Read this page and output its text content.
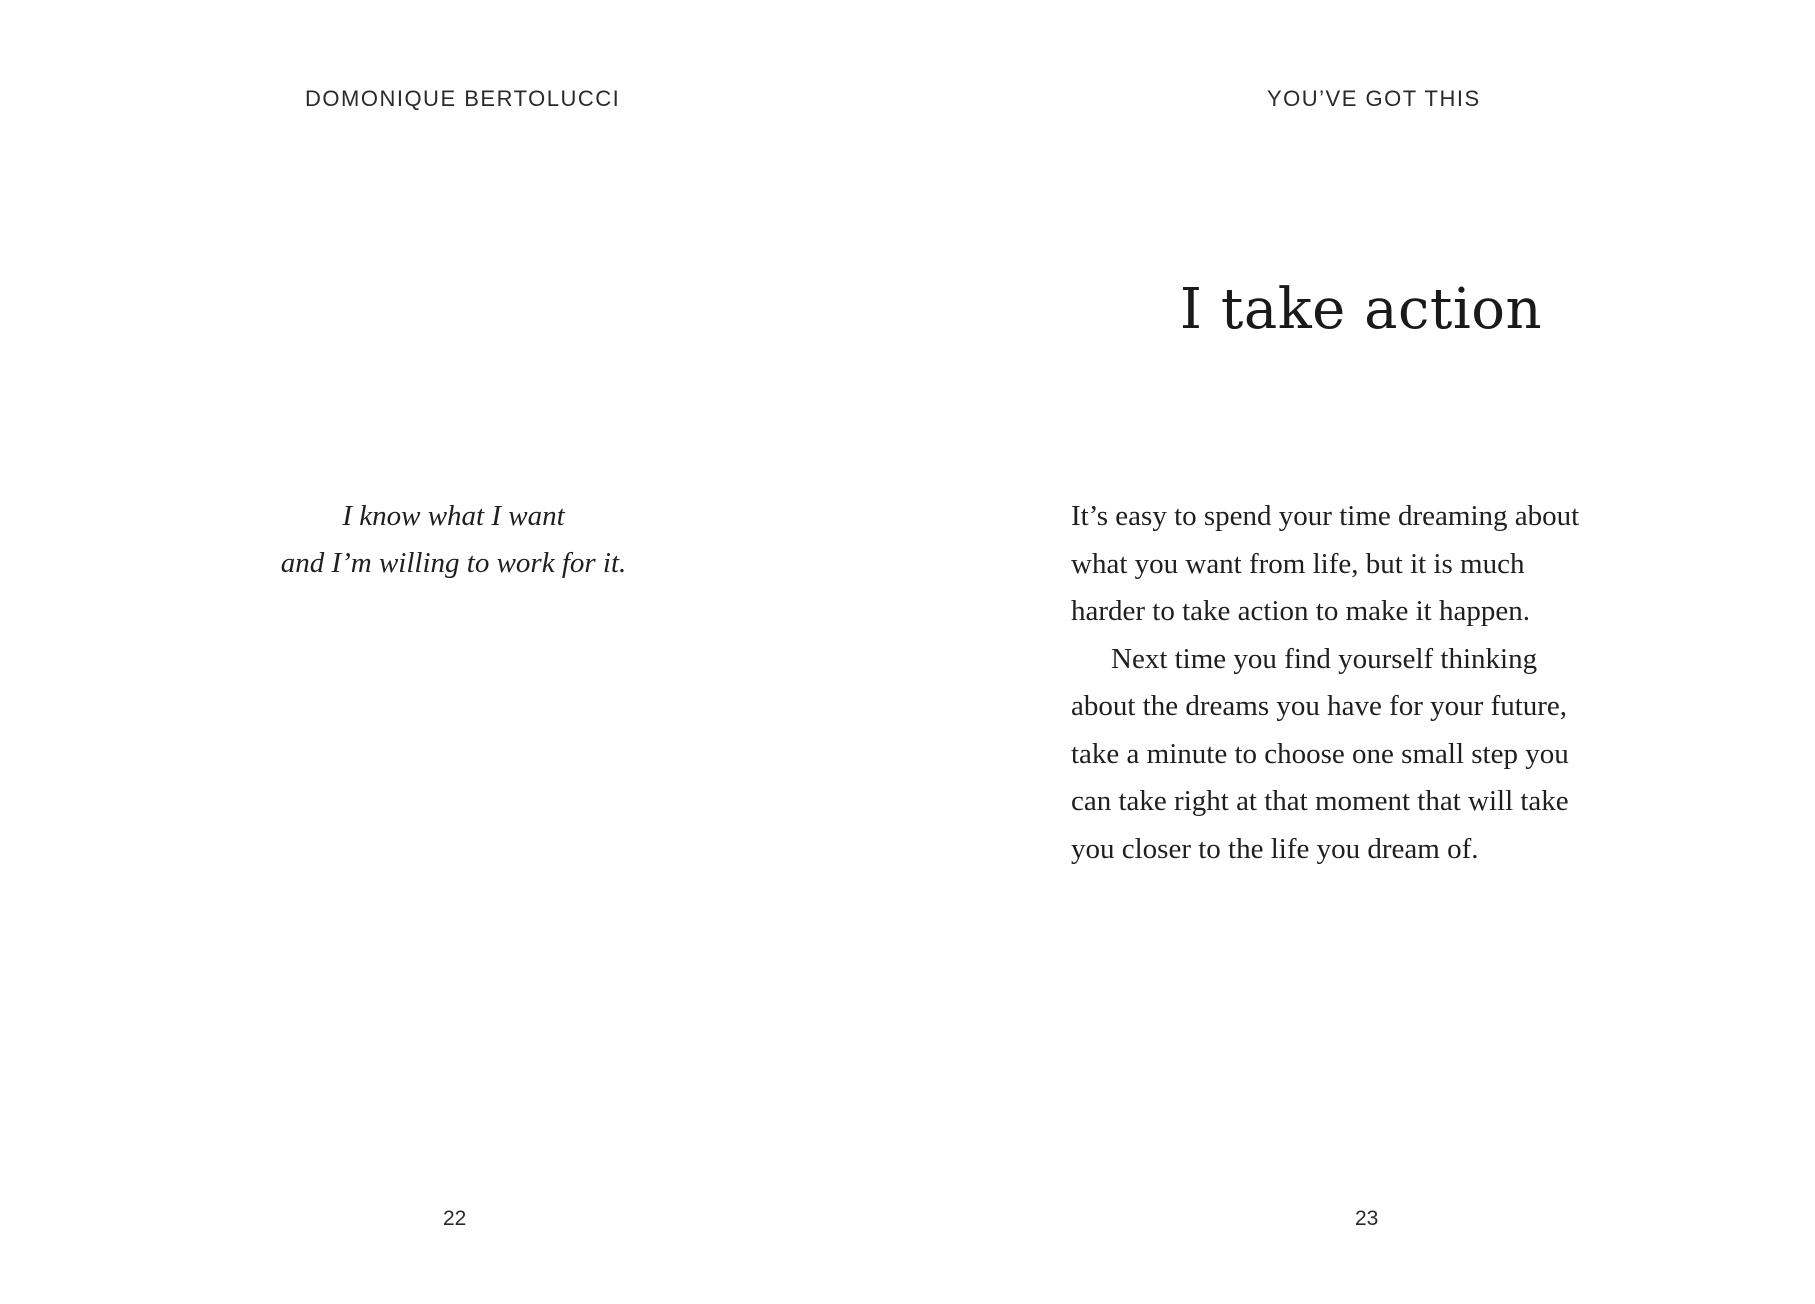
DOMONIQUE BERTOLUCCI
I know what I want
and I’m willing to work for it.
22
YOU’VE GOT THIS
I take action
It’s easy to spend your time dreaming about
what you want from life, but it is much
harder to take action to make it happen.
Next time you find yourself thinking
about the dreams you have for your future,
take a minute to choose one small step you
can take right at that moment that will take
you closer to the life you dream of.
23
